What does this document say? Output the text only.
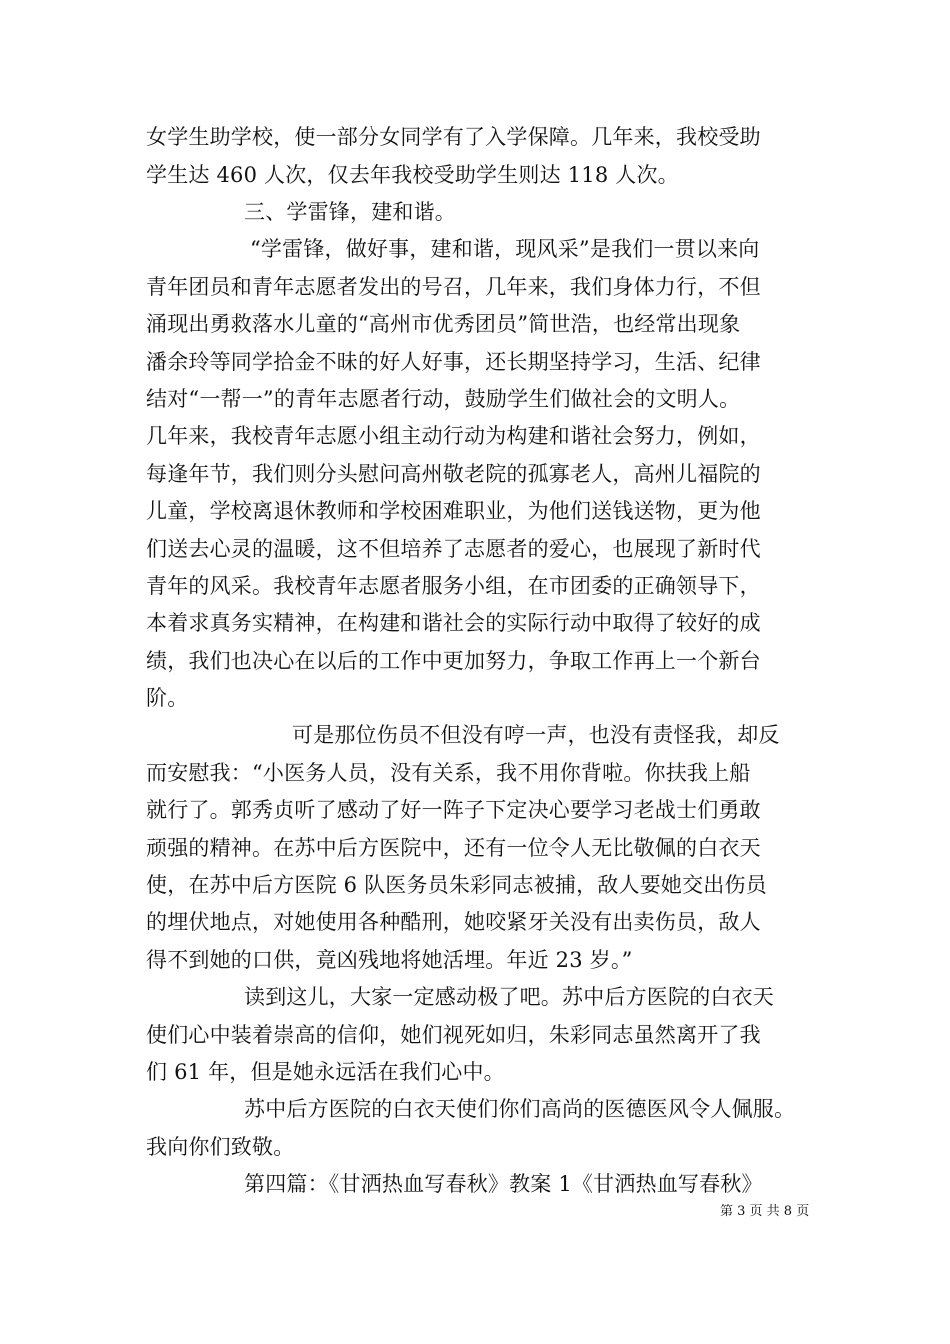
女学生助学校，使一部分女同学有了入学保障。几年来，我校受助
学生达 460 人次，仅去年我校受助学生则达 118 人次。
三、学雷锋，建和谐。
“学雷锋，做好事，建和谐，现风采”是我们一贯以来向
青年团员和青年志愿者发出的号召，几年来，我们身体力行，不但
涌现出勇救落水儿童的“高州市优秀团员”简世浩，也经常出现象
潘余玲等同学拾金不昧的好人好事，还长期坚持学习，生活、纪律
结对“一帮一”的青年志愿者行动，鼓励学生们做社会的文明人。
几年来，我校青年志愿小组主动行动为构建和谐社会努力，例如，
每逢年节，我们则分头慰问高州敬老院的孤寡老人，高州儿福院的
儿童，学校离退休教师和学校困难职业，为他们送钱送物，更为他
们送去心灵的温暖，这不但培养了志愿者的爱心，也展现了新时代
青年的风采。我校青年志愿者服务小组，在市团委的正确领导下，
本着求真务实精神，在构建和谐社会的实际行动中取得了较好的成
绩，我们也决心在以后的工作中更加努力，争取工作再上一个新台
阶。
可是那位伤员不但没有哼一声，也没有责怪我，却反
而安慰我：“小医务人员，没有关系，我不用你背啦。你扶我上船
就行了。郭秀贞听了感动了好一阵子下定决心要学习老战士们勇敢
顽强的精神。在苏中后方医院中，还有一位令人无比敬佩的白衣天
使，在苏中后方医院 6 队医务员朱彩同志被捕，敌人要她交出伤员
的埋伏地点，对她使用各种酷刑，她咬紧牙关没有出卖伤员，敌人
得不到她的口供，竟凶残地将她活埋。年近 23 岁。”
读到这儿，大家一定感动极了吧。苏中后方医院的白衣天
使们心中装着崇高的信仰，她们视死如归，朱彩同志虽然离开了我
们 61 年，但是她永远活在我们心中。
苏中后方医院的白衣天使们你们高尚的医德医风令人佩服。
我向你们致敬。
第四篇：《甘洒热血写春秋》教案 1《甘洒热血写春秋》
第 3 页 共 8 页
